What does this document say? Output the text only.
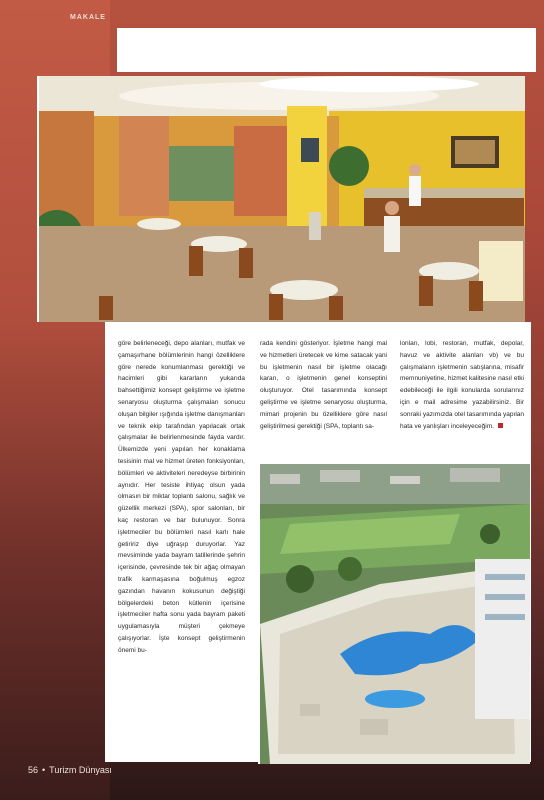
MAKALE

göre belirleneceği, depo alanları, mutfak ve çamaşırhane bölümlerinin hangi özelliklere göre nerede konumlanması gerektiği ve hacimleri gibi kararların yukarıda bahsettiğimiz konsept geliştirme ve işletme senaryosu oluşturma çalışmaları sonucu oluşan bilgiler ışığında işletme danışmanları ve teknik ekip tarafından yapılacak ortak çalışmalar ile belirlenmesinde fayda vardır. Ülkemizde yeni yapılan her konaklama tesisinin mal ve hizmet üreten fonksiyonları, bölümleri ve aktiviteleri neredeyse birbirinin aynıdır. Her tesiste ihtiyaç olsun yada olmasın bir miktar toplantı salonu, sağlık ve güzellik merkezi (SPA), spor salonları, bir kaç restoran ve bar bulunuyor. Sonra işletmeciler bu bölümleri nasıl karlı hale getiririz diye uğraşıp duruyorlar. Yaz mevsiminde yada bayram tatillerinde şehrin içerisinde, çevresinde tek bir ağaç olmayan trafik karmaşasına boğulmuş egzoz gazından havanın kokusunun değiştiği bölgelerdeki beton kütlenin içerisine işletmeciler hafta sonu yada bayram paketi uygulamasıyla müşteri çekmeye çalışıyorlar. İşte konsept geliştirmenin önemi bu-

rada kendini gösteriyor. İşletme hangi mal ve hizmetleri üretecek ve kime satacak yani bu işletmenin nasıl bir işletme olacağı kararı, o işletmenin genel konseptini oluşturuyor. Otel tasarımında konsept geliştirme ve işletme senaryosu oluşturma, mimari projenin bu özelliklere göre nasıl geliştirilmesi gerektiği (SPA, toplantı sa-

lonları, lobi, restoran, mutfak, depolar, havuz ve aktivite alanları vb) ve bu çalışmaların işletmenin satışlarına, misafir memnuniyetine, hizmet kalitesine nasıl etki edebileceği ile ilgili konularda sorularınız için e mail adresime yazabilirsiniz. Bir sonraki yazımızda otel tasarımında yapılan hata ve yanlışları inceleyeceğim.

56 • Turizm Dünyası
